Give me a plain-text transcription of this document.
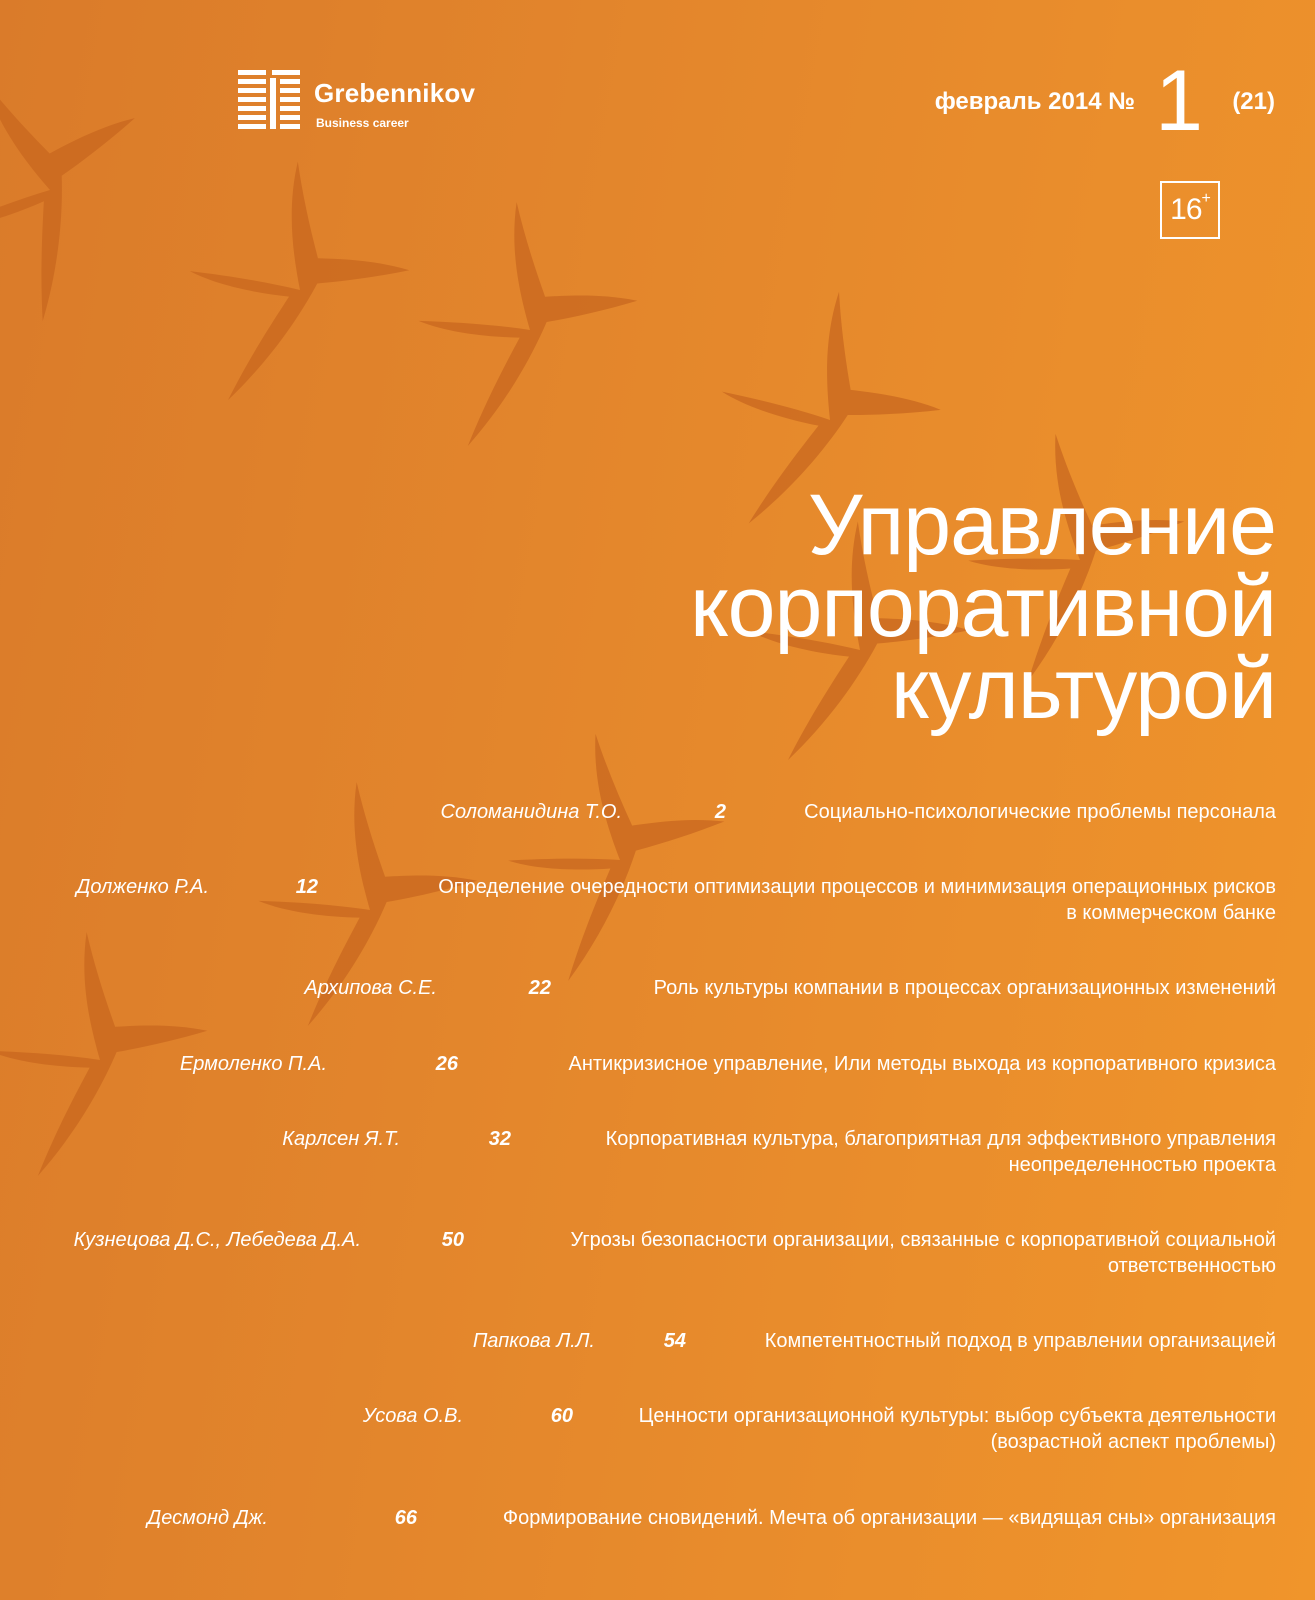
Grebennikov
Business career
февраль 2014 № 1 (21)
16+
Управление
корпоративной
культурой
Соломанидина Т.О.	2	Социально-психологические проблемы персонала
Долженко Р.А.	12	Определение очередности оптимизации процессов и минимизация операционных рисков
в коммерческом банке
Архипова С.Е.	22	Роль культуры компании в процессах организационных изменений
Ермоленко П.А.	26	Антикризисное управление, Или методы выхода из корпоративного кризиса
Карлсен Я.Т.	32	Корпоративная культура, благоприятная для эффективного управления
неопределенностью проекта
Кузнецова Д.С., Лебедева Д.А.	50	Угрозы безопасности организации, связанные с корпоративной социальной
ответственностью
Папкова Л.Л.	54	Компетентностный подход в управлении организацией
Усова О.В.	60	Ценности организационной культуры: выбор субъекта деятельности
(возрастной аспект проблемы)
Десмонд Дж.	66	Формирование сновидений. Мечта об организации — «видящая сны» организация
